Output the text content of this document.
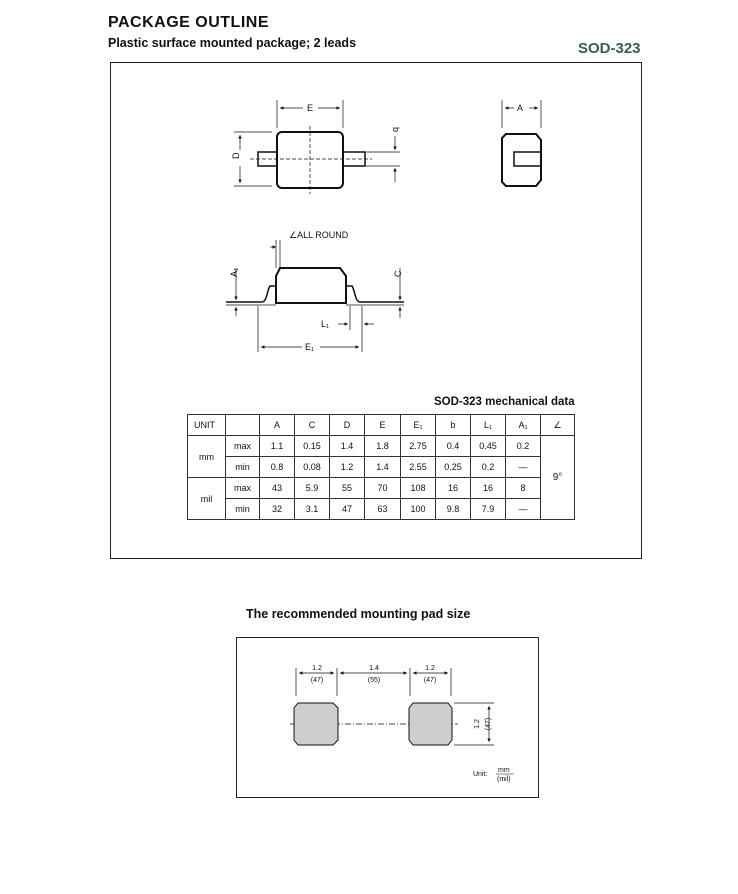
PACKAGE OUTLINE
Plastic surface mounted package; 2 leads	SOD-323
E
D
b
A
∠ALL ROUND
A₁	C
L₁
E₁
1.2
(47)
1.4
(55)
1.2
(47)
1.2 (47)
Unit:
mm
(mil)
SOD-323 mechanical data
UNIT		A	C	D	E	E₁	b	L₁	A₁	∠
mm	max	1.1	0.15	1.4	1.8	2.75	0.4	0.45	0.2	9°
	min	0.8	0.08	1.2	1.4	2.55	0.25	0.2	—	
mil	max	43	5.9	55	70	108	16	16	8	
	min	32	3.1	47	63	100	9.8	7.9	—	
The recommended mounting pad size
